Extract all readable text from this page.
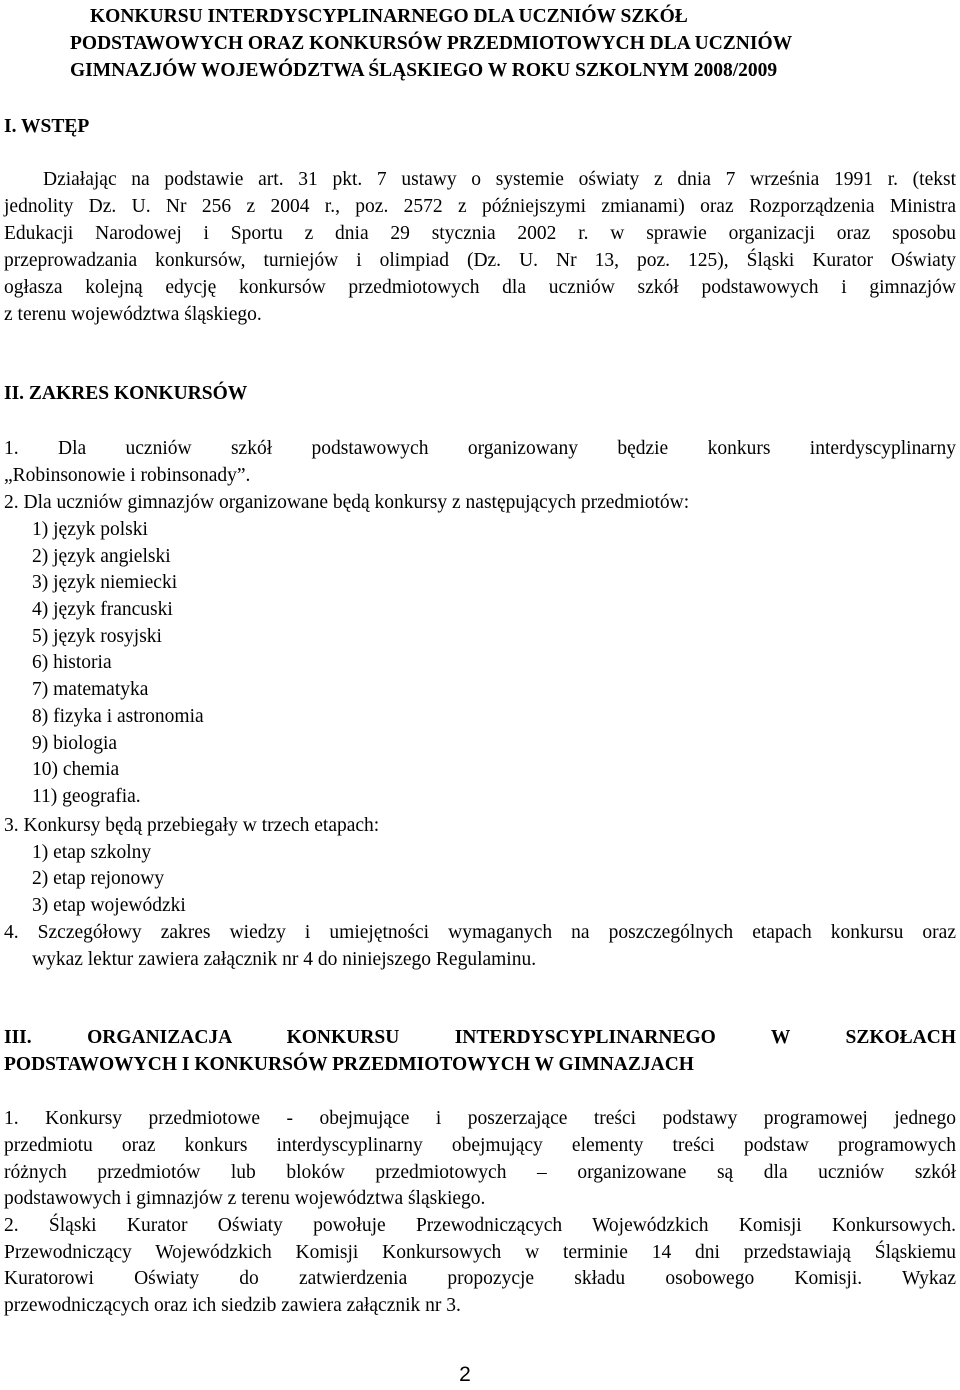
KONKURSU INTERDYSCYPLINARNEGO DLA UCZNIÓW SZKÓŁ
PODSTAWOWYCH ORAZ KONKURSÓW PRZEDMIOTOWYCH DLA UCZNIÓW
GIMNAZJÓW WOJEWÓDZTWA ŚLĄSKIEGO W ROKU SZKOLNYM 2008/2009
I. WSTĘP
Działając na podstawie art. 31 pkt. 7 ustawy o systemie oświaty z dnia 7 września 1991 r. (tekst
jednolity Dz. U. Nr 256 z 2004 r., poz. 2572 z późniejszymi zmianami) oraz Rozporządzenia Ministra
Edukacji Narodowej i Sportu z dnia 29 stycznia 2002 r. w sprawie organizacji oraz sposobu
przeprowadzania konkursów, turniejów i olimpiad (Dz. U. Nr 13, poz. 125), Śląski Kurator Oświaty
ogłasza kolejną edycję konkursów przedmiotowych dla uczniów szkół podstawowych i gimnazjów
z terenu województwa śląskiego.
II. ZAKRES KONKURSÓW
1. Dla uczniów szkół podstawowych organizowany będzie konkurs interdyscyplinarny
„Robinsonowie i robinsonady”.
2. Dla uczniów gimnazjów organizowane będą konkursy z następujących przedmiotów:
1) język polski
2) język angielski
3) język niemiecki
4) język francuski
5) język rosyjski
6) historia
7) matematyka
8) fizyka i astronomia
9) biologia
10) chemia
11) geografia.
3. Konkursy będą przebiegały w trzech etapach:
1) etap szkolny
2) etap rejonowy
3) etap wojewódzki
4. Szczegółowy zakres wiedzy i umiejętności wymaganych na poszczególnych etapach konkursu oraz
wykaz lektur zawiera załącznik nr 4 do niniejszego Regulaminu.
III. ORGANIZACJA KONKURSU INTERDYSCYPLINARNEGO W SZKOŁACH
PODSTAWOWYCH I KONKURSÓW PRZEDMIOTOWYCH W GIMNAZJACH
1. Konkursy przedmiotowe - obejmujące i poszerzające treści podstawy programowej jednego
przedmiotu oraz konkurs interdyscyplinarny obejmujący elementy treści podstaw programowych
różnych przedmiotów lub bloków przedmiotowych – organizowane są dla uczniów szkół
podstawowych i gimnazjów z terenu województwa śląskiego.
2. Śląski Kurator Oświaty powołuje Przewodniczących Wojewódzkich Komisji Konkursowych.
Przewodniczący Wojewódzkich Komisji Konkursowych w terminie 14 dni przedstawiają Śląskiemu
Kuratorowi Oświaty do zatwierdzenia propozycje składu osobowego Komisji. Wykaz
przewodniczących oraz ich siedzib zawiera załącznik nr 3.
2
